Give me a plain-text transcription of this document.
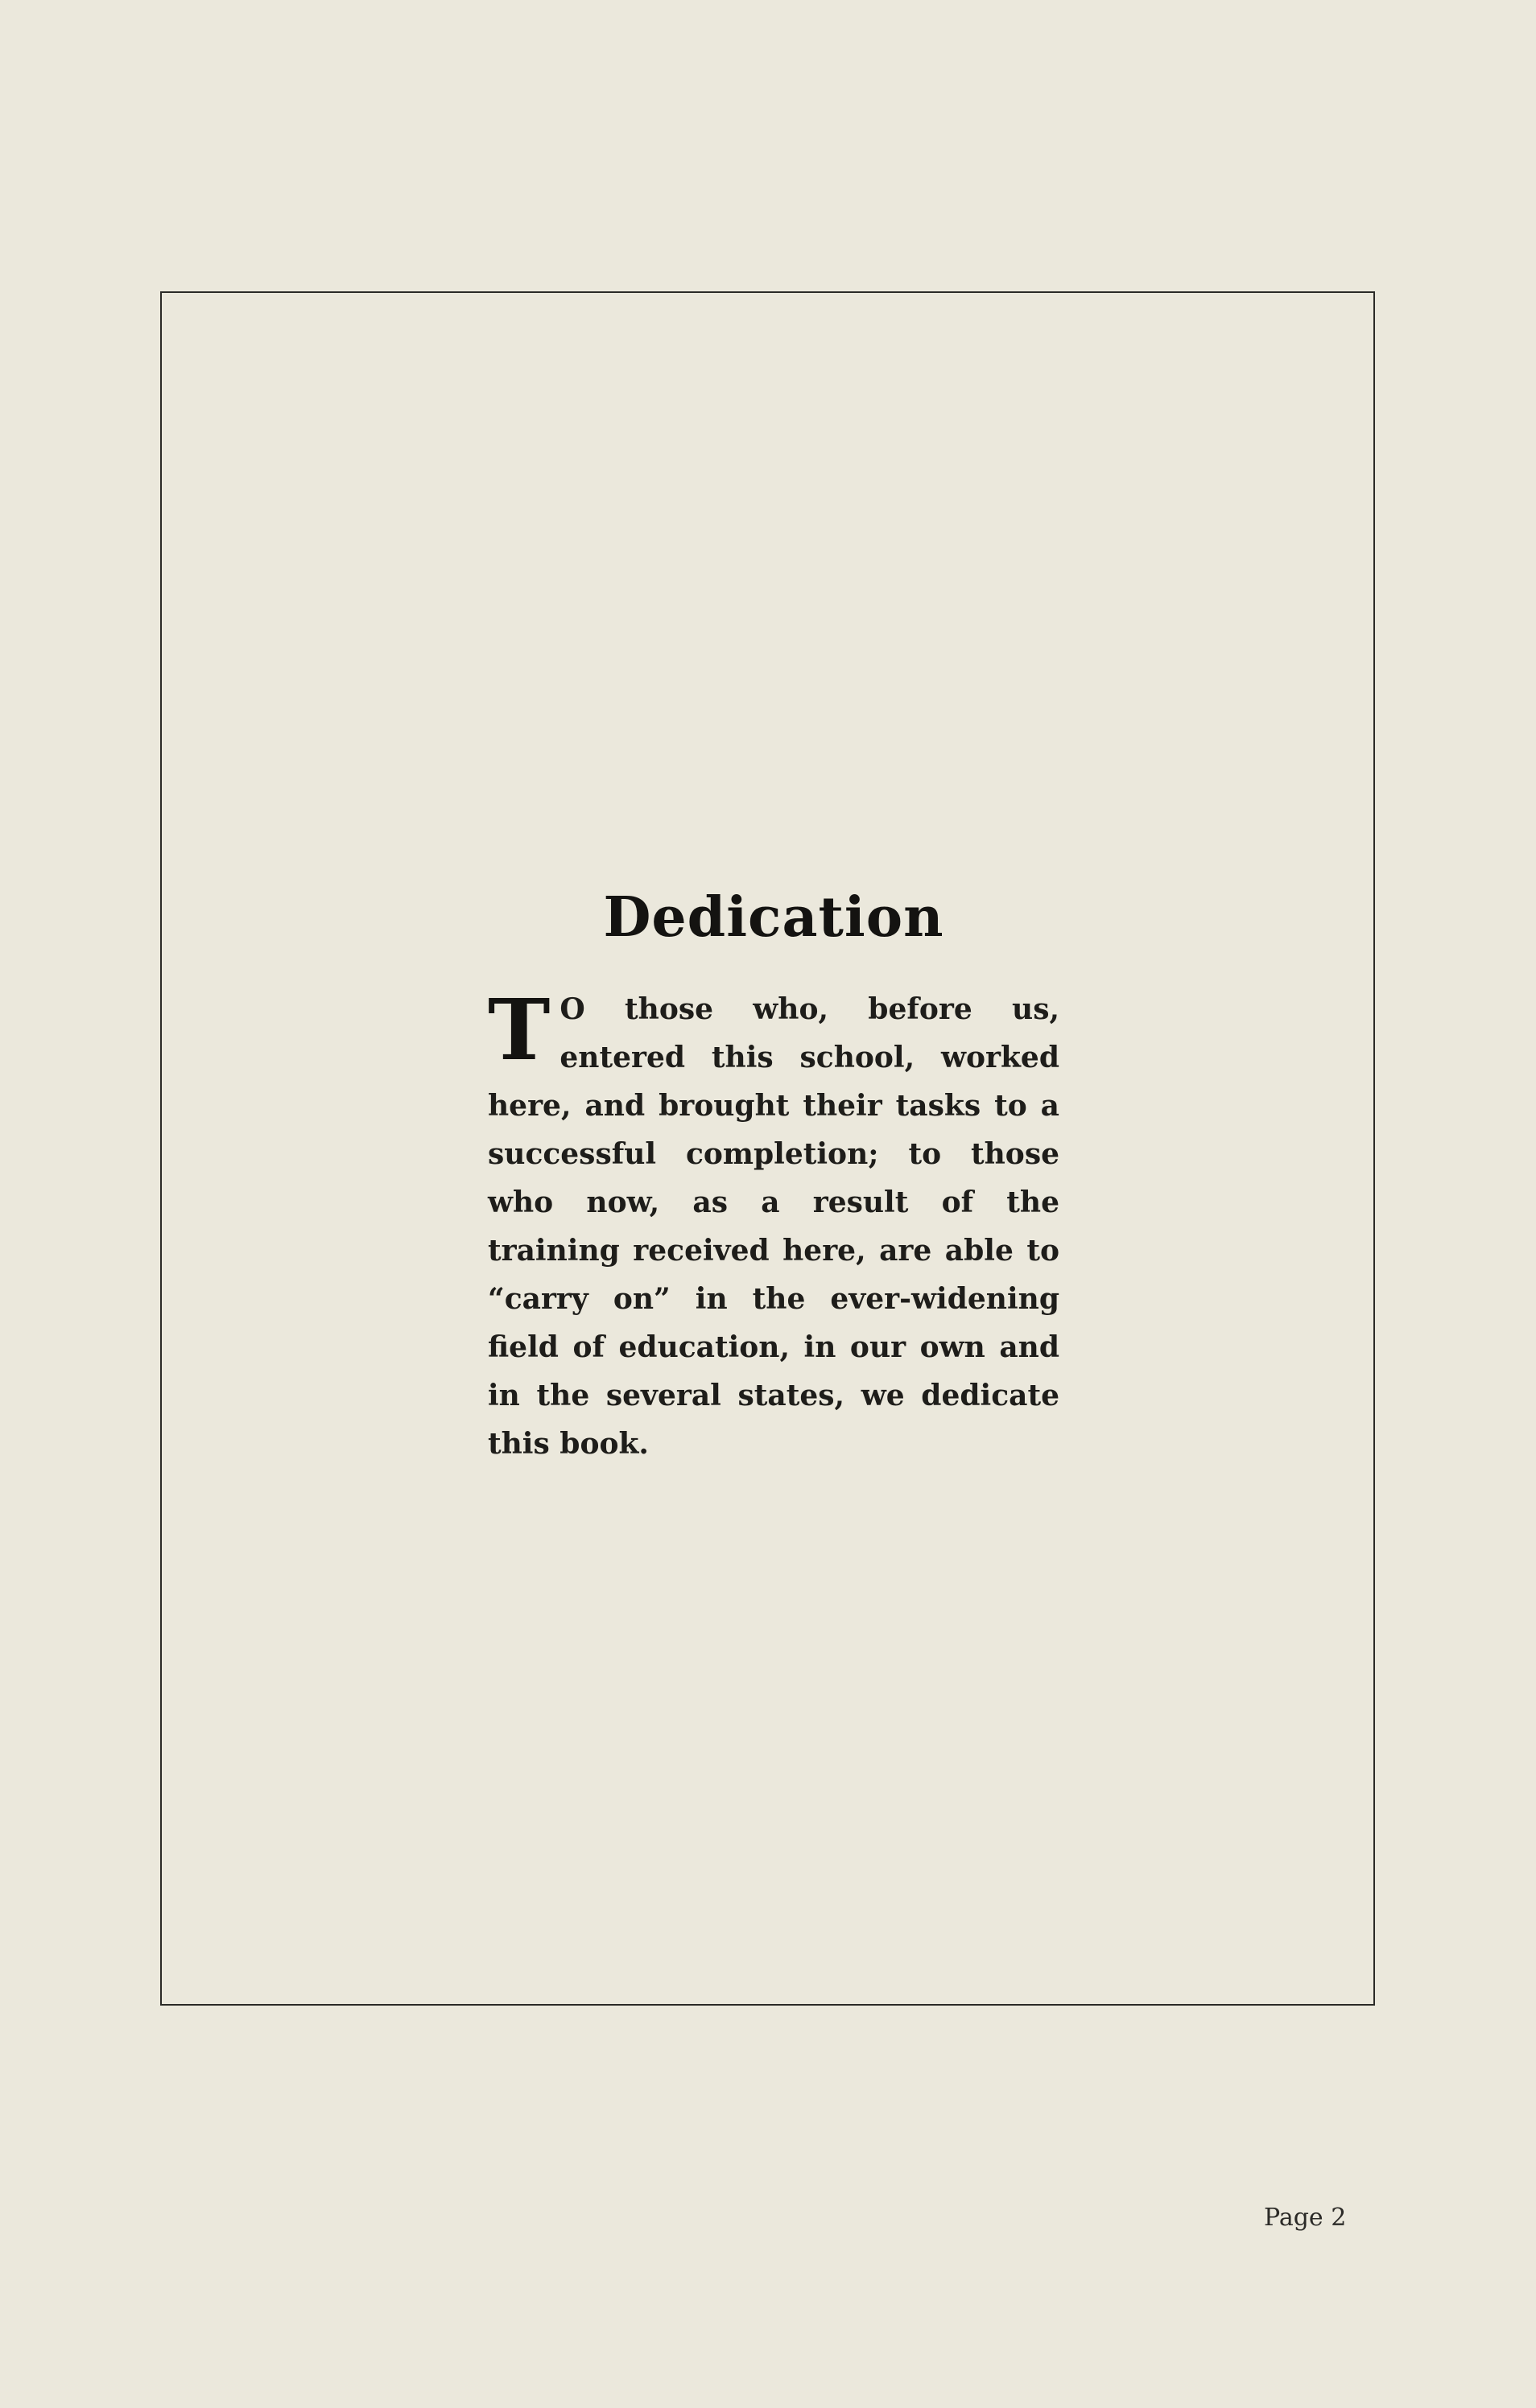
Dedication

T O those who, before us, entered this school, worked here, and brought their tasks to a successful completion; to those who now, as a result of the training received here, are able to “carry on” in the ever-widening field of education, in our own and in the several states, we dedicate this book.

Page 2
